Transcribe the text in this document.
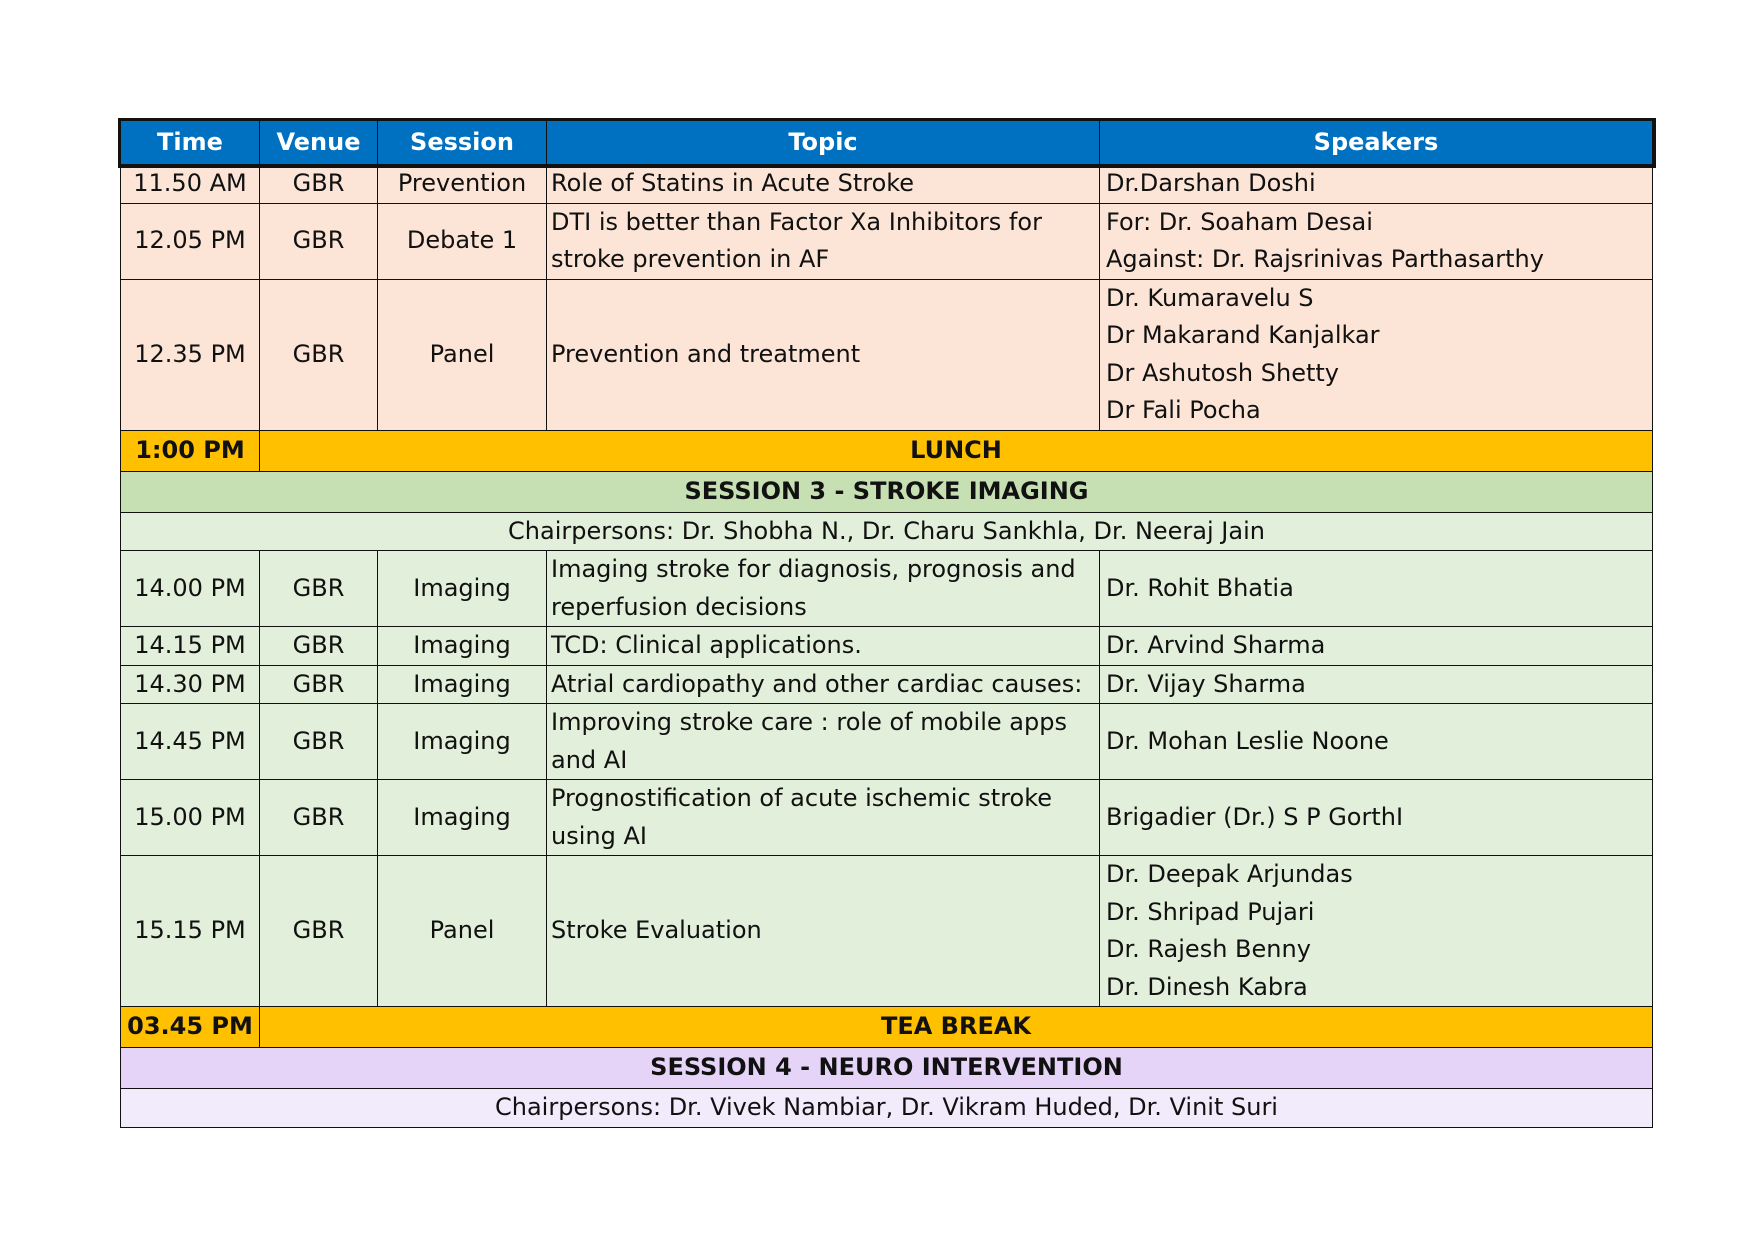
Time	Venue	Session	Topic	Speakers
11.50 AM	GBR	Prevention	Role of Statins in Acute Stroke	Dr.Darshan Doshi

12.05 PM	GBR	Debate 1	DTI is better than Factor Xa Inhibitors for stroke prevention in AF	For: Dr. Soaham Desai
Against: Dr. Rajsrinivas Parthasarthy

12.35 PM	GBR	Panel	Prevention and treatment	Dr. Kumaravelu S
Dr Makarand Kanjalkar
Dr Ashutosh Shetty
Dr Fali Pocha

1:00 PM	LUNCH			
SESSION 3 - STROKE IMAGING				
Chairpersons: Dr. Shobha N., Dr. Charu Sankhla, Dr. Neeraj Jain				
14.00 PM	GBR	Imaging	Imaging stroke for diagnosis, prognosis and reperfusion decisions	Dr. Rohit Bhatia

14.15 PM	GBR	Imaging	TCD: Clinical applications.	Dr. Arvind Sharma

14.30 PM	GBR	Imaging	Atrial cardiopathy and other cardiac causes:	Dr. Vijay Sharma

14.45 PM	GBR	Imaging	Improving stroke care : role of mobile apps and AI	Dr. Mohan Leslie Noone

15.00 PM	GBR	Imaging	Prognostification of acute ischemic stroke using AI	Brigadier (Dr.) S P GorthI

15.15 PM	GBR	Panel	Stroke Evaluation	Dr. Deepak Arjundas
Dr. Shripad Pujari
Dr. Rajesh Benny
Dr. Dinesh Kabra

03.45 PM	TEA BREAK			
SESSION 4 - NEURO INTERVENTION				
Chairpersons: Dr. Vivek Nambiar, Dr. Vikram Huded, Dr. Vinit Suri				
